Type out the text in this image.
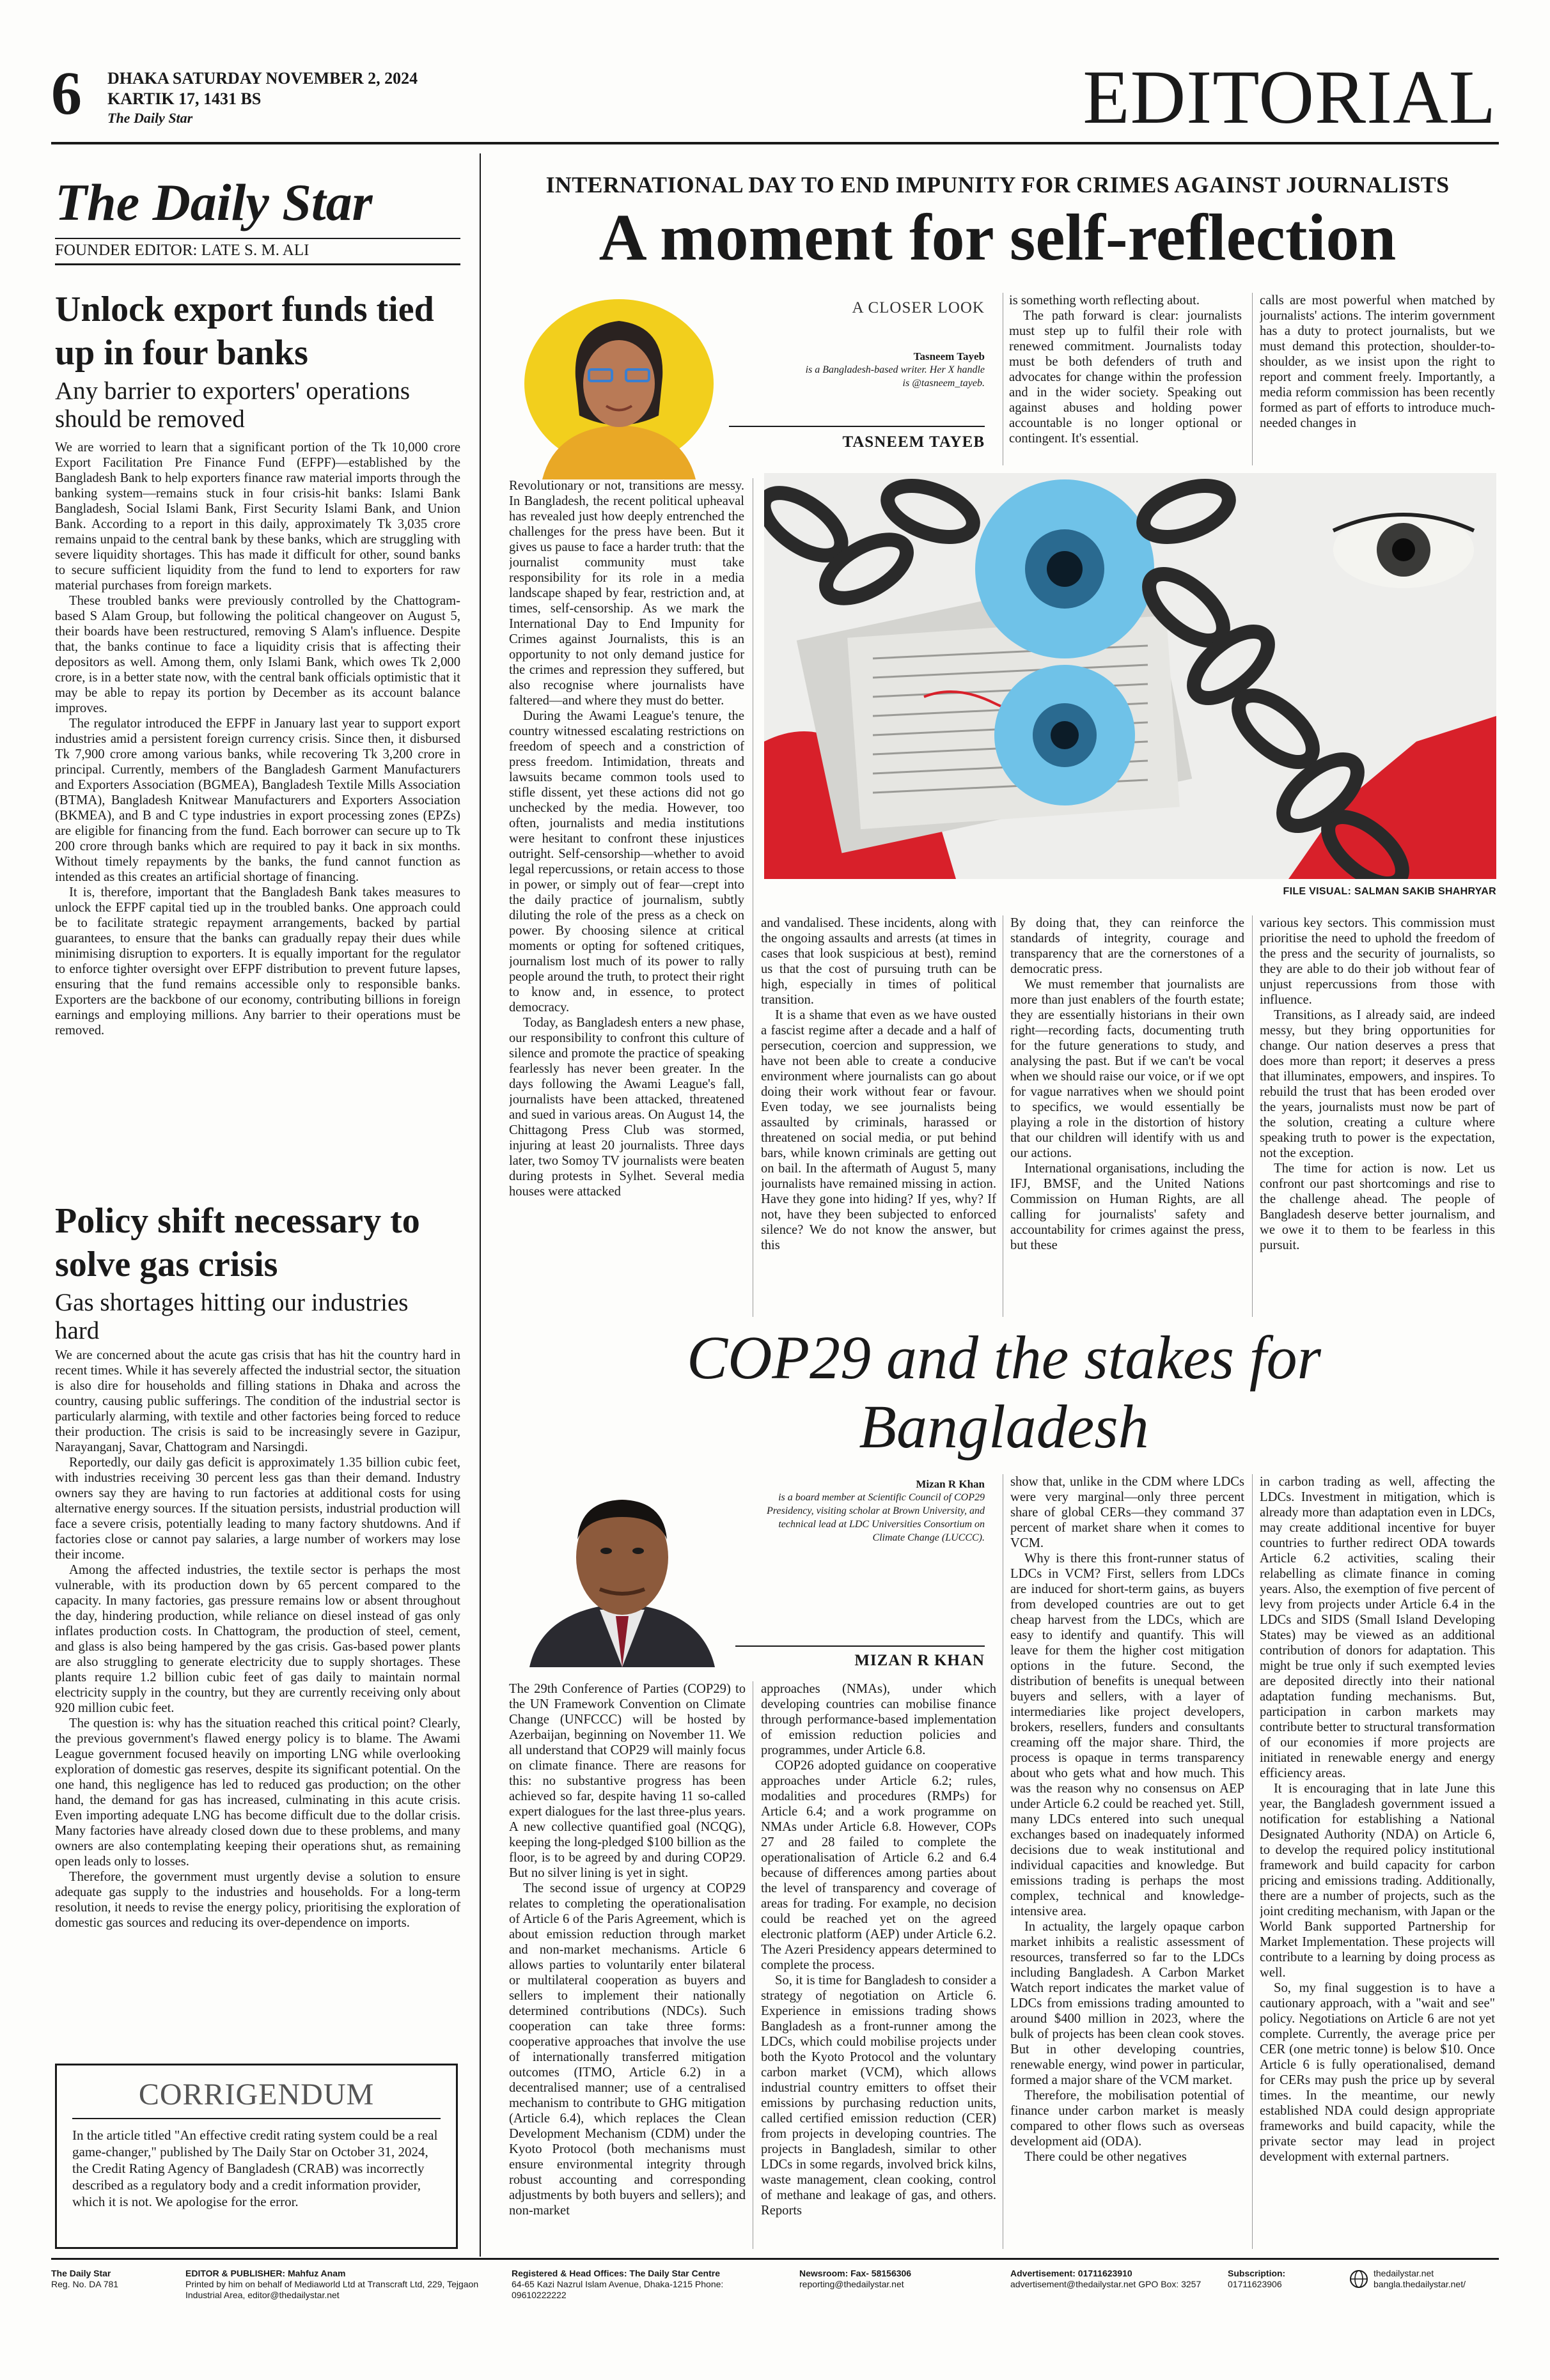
6 DHAKA SATURDAY NOVEMBER 2, 2024
KARTIK 17, 1431 BS
The Daily Star	EDITORIAL
The Daily Star
FOUNDER EDITOR: LATE S. M. ALI
Unlock export funds tied up in four banks
Any barrier to exporters' operations should be removed

We are worried to learn that a significant portion of the Tk 10,000 crore Export Facilitation Pre Finance Fund (EFPF)—established by the Bangladesh Bank to help exporters finance raw material imports through the banking system—remains stuck in four crisis-hit banks: Islami Bank Bangladesh, Social Islami Bank, First Security Islami Bank, and Union Bank. According to a report in this daily, approximately Tk 3,035 crore remains unpaid to the central bank by these banks, which are struggling with severe liquidity shortages. This has made it difficult for other, sound banks to secure sufficient liquidity from the fund to lend to exporters for raw material purchases from foreign markets.

These troubled banks were previously controlled by the Chattogram-based S Alam Group, but following the political changeover on August 5, their boards have been restructured, removing S Alam's influence. Despite that, the banks continue to face a liquidity crisis that is affecting their depositors as well. Among them, only Islami Bank, which owes Tk 2,000 crore, is in a better state now, with the central bank officials optimistic that it may be able to repay its portion by December as its account balance improves.

The regulator introduced the EFPF in January last year to support export industries amid a persistent foreign currency crisis. Since then, it disbursed Tk 7,900 crore among various banks, while recovering Tk 3,200 crore in principal. Currently, members of the Bangladesh Garment Manufacturers and Exporters Association (BGMEA), Bangladesh Textile Mills Association (BTMA), Bangladesh Knitwear Manufacturers and Exporters Association (BKMEA), and B and C type industries in export processing zones (EPZs) are eligible for financing from the fund. Each borrower can secure up to Tk 200 crore through banks which are required to pay it back in six months. Without timely repayments by the banks, the fund cannot function as intended as this creates an artificial shortage of financing.

It is, therefore, important that the Bangladesh Bank takes measures to unlock the EFPF capital tied up in the troubled banks. One approach could be to facilitate strategic repayment arrangements, backed by partial guarantees, to ensure that the banks can gradually repay their dues while minimising disruption to exporters. It is equally important for the regulator to enforce tighter oversight over EFPF distribution to prevent future lapses, ensuring that the fund remains accessible only to responsible banks. Exporters are the backbone of our economy, contributing billions in foreign earnings and employing millions. Any barrier to their operations must be removed.

Policy shift necessary to solve gas crisis
Gas shortages hitting our industries hard

We are concerned about the acute gas crisis that has hit the country hard in recent times. While it has severely affected the industrial sector, the situation is also dire for households and filling stations in Dhaka and across the country, causing public sufferings. The condition of the industrial sector is particularly alarming, with textile and other factories being forced to reduce their production. The crisis is said to be increasingly severe in Gazipur, Narayanganj, Savar, Chattogram and Narsingdi.

Reportedly, our daily gas deficit is approximately 1.35 billion cubic feet, with industries receiving 30 percent less gas than their demand. Industry owners say they are having to run factories at additional costs for using alternative energy sources. If the situation persists, industrial production will face a severe crisis, potentially leading to many factory shutdowns. And if factories close or cannot pay salaries, a large number of workers may lose their income.

Among the affected industries, the textile sector is perhaps the most vulnerable, with its production down by 65 percent compared to the capacity. In many factories, gas pressure remains low or absent throughout the day, hindering production, while reliance on diesel instead of gas only inflates production costs. In Chattogram, the production of steel, cement, and glass is also being hampered by the gas crisis. Gas-based power plants are also struggling to generate electricity due to supply shortages. These plants require 1.2 billion cubic feet of gas daily to maintain normal electricity supply in the country, but they are currently receiving only about 920 million cubic feet.

The question is: why has the situation reached this critical point? Clearly, the previous government's flawed energy policy is to blame. The Awami League government focused heavily on importing LNG while overlooking exploration of domestic gas reserves, despite its significant potential. On the one hand, this negligence has led to reduced gas production; on the other hand, the demand for gas has increased, culminating in this acute crisis. Even importing adequate LNG has become difficult due to the dollar crisis. Many factories have already closed down due to these problems, and many owners are also contemplating keeping their operations shut, as remaining open leads only to losses.

Therefore, the government must urgently devise a solution to ensure adequate gas supply to the industries and households. For a long-term resolution, it needs to revise the energy policy, prioritising the exploration of domestic gas sources and reducing its over-dependence on imports.

CORRIGENDUM
In the article titled "An effective credit rating system could be a real game-changer," published by The Daily Star on October 31, 2024, the Credit Rating Agency of Bangladesh (CRAB) was incorrectly described as a regulatory body and a credit information provider, which it is not. We apologise for the error.
INTERNATIONAL DAY TO END IMPUNITY FOR CRIMES AGAINST JOURNALISTS
A moment for self-reflection
A CLOSER LOOK
Tasneem Tayeb
is a Bangladesh-based writer. Her X handle is @tasneem_tayeb.
TASNEEM TAYEB

is something worth reflecting about.

The path forward is clear: journalists must step up to fulfil their role with renewed commitment. Journalists today must be both defenders of truth and advocates for change within the profession and in the wider society. Speaking out against abuses and holding power accountable is no longer optional or contingent. It's essential.

calls are most powerful when matched by journalists' actions. The interim government has a duty to protect journalists, but we must demand this protection, shoulder-to-shoulder, as we insist upon the right to report and comment freely. Importantly, a media reform commission has been recently formed as part of efforts to introduce much-needed changes in

FILE VISUAL: SALMAN SAKIB SHAHRYAR

Revolutionary or not, transitions are messy. In Bangladesh, the recent political upheaval has revealed just how deeply entrenched the challenges for the press have been. But it gives us pause to face a harder truth: that the journalist community must take responsibility for its role in a media landscape shaped by fear, restriction and, at times, self-censorship. As we mark the International Day to End Impunity for Crimes against Journalists, this is an opportunity to not only demand justice for the crimes and repression they suffered, but also recognise where journalists have faltered—and where they must do better.

During the Awami League's tenure, the country witnessed escalating restrictions on freedom of speech and a constriction of press freedom. Intimidation, threats and lawsuits became common tools used to stifle dissent, yet these actions did not go unchecked by the media. However, too often, journalists and media institutions were hesitant to confront these injustices outright. Self-censorship—whether to avoid legal repercussions, or retain access to those in power, or simply out of fear—crept into the daily practice of journalism, subtly diluting the role of the press as a check on power. By choosing silence at critical moments or opting for softened critiques, journalism lost much of its power to rally people around the truth, to protect their right to know and, in essence, to protect democracy.

Today, as Bangladesh enters a new phase, our responsibility to confront this culture of silence and promote the practice of speaking fearlessly has never been greater. In the days following the Awami League's fall, journalists have been attacked, threatened and sued in various areas. On August 14, the Chittagong Press Club was stormed, injuring at least 20 journalists. Three days later, two Somoy TV journalists were beaten during protests in Sylhet. Several media houses were attacked

and vandalised. These incidents, along with the ongoing assaults and arrests (at times in cases that look suspicious at best), remind us that the cost of pursuing truth can be high, especially in times of political transition.

It is a shame that even as we have ousted a fascist regime after a decade and a half of persecution, coercion and suppression, we have not been able to create a conducive environment where journalists can go about doing their work without fear or favour. Even today, we see journalists being assaulted by criminals, harassed or threatened on social media, or put behind bars, while known criminals are getting out on bail. In the aftermath of August 5, many journalists have remained missing in action. Have they gone into hiding? If yes, why? If not, have they been subjected to enforced silence? We do not know the answer, but this

By doing that, they can reinforce the standards of integrity, courage and transparency that are the cornerstones of a democratic press.

We must remember that journalists are more than just enablers of the fourth estate; they are essentially historians in their own right—recording facts, documenting truth for the future generations to study, and analysing the past. But if we can't be vocal when we should raise our voice, or if we opt for vague narratives when we should point to specifics, we would essentially be playing a role in the distortion of history that our children will identify with us and our actions.

International organisations, including the IFJ, BMSF, and the United Nations Commission on Human Rights, are all calling for journalists' safety and accountability for crimes against the press, but these

various key sectors. This commission must prioritise the need to uphold the freedom of the press and the security of journalists, so they are able to do their job without fear of unjust repercussions from those with influence.

Transitions, as I already said, are indeed messy, but they bring opportunities for change. Our nation deserves a press that does more than report; it deserves a press that illuminates, empowers, and inspires. To rebuild the trust that has been eroded over the years, journalists must now be part of the solution, creating a culture where speaking truth to power is the expectation, not the exception.

The time for action is now. Let us confront our past shortcomings and rise to the challenge ahead. The people of Bangladesh deserve better journalism, and we owe it to them to be fearless in this pursuit.

COP29 and the stakes for Bangladesh
Mizan R Khan
is a board member at Scientific Council of COP29 Presidency, visiting scholar at Brown University, and technical lead at LDC Universities Consortium on Climate Change (LUCCC).
MIZAN R KHAN

The 29th Conference of Parties (COP29) to the UN Framework Convention on Climate Change (UNFCCC) will be hosted by Azerbaijan, beginning on November 11. We all understand that COP29 will mainly focus on climate finance. There are reasons for this: no substantive progress has been achieved so far, despite having 11 so-called expert dialogues for the last three-plus years. A new collective quantified goal (NCQG), keeping the long-pledged $100 billion as the floor, is to be agreed by and during COP29. But no silver lining is yet in sight.

The second issue of urgency at COP29 relates to completing the operationalisation of Article 6 of the Paris Agreement, which is about emission reduction through market and non-market mechanisms. Article 6 allows parties to voluntarily enter bilateral or multilateral cooperation as buyers and sellers to implement their nationally determined contributions (NDCs). Such cooperation can take three forms: cooperative approaches that involve the use of internationally transferred mitigation outcomes (ITMO, Article 6.2) in a decentralised manner; use of a centralised mechanism to contribute to GHG mitigation (Article 6.4), which replaces the Clean Development Mechanism (CDM) under the Kyoto Protocol (both mechanisms must ensure environmental integrity through robust accounting and corresponding adjustments by both buyers and sellers); and non-market

approaches (NMAs), under which developing countries can mobilise finance through performance-based implementation of emission reduction policies and programmes, under Article 6.8.

COP26 adopted guidance on cooperative approaches under Article 6.2; rules, modalities and procedures (RMPs) for Article 6.4; and a work programme on NMAs under Article 6.8. However, COPs 27 and 28 failed to complete the operationalisation of Article 6.2 and 6.4 because of differences among parties about the level of transparency and coverage of areas for trading. For example, no decision could be reached yet on the agreed electronic platform (AEP) under Article 6.2. The Azeri Presidency appears determined to complete the process.

So, it is time for Bangladesh to consider a strategy of negotiation on Article 6. Experience in emissions trading shows Bangladesh as a front-runner among the LDCs, which could mobilise projects under both the Kyoto Protocol and the voluntary carbon market (VCM), which allows industrial country emitters to offset their emissions by purchasing reduction units, called certified emission reduction (CER) from projects in developing countries. The projects in Bangladesh, similar to other LDCs in some regards, involved brick kilns, waste management, clean cooking, control of methane and leakage of gas, and others. Reports

show that, unlike in the CDM where LDCs were very marginal—only three percent share of global CERs—they command 37 percent of market share when it comes to VCM.

Why is there this front-runner status of LDCs in VCM? First, sellers from LDCs are induced for short-term gains, as buyers from developed countries are out to get cheap harvest from the LDCs, which are easy to identify and quantify. This will leave for them the higher cost mitigation options in the future. Second, the distribution of benefits is unequal between buyers and sellers, with a layer of intermediaries like project developers, brokers, resellers, funders and consultants creaming off the major share. Third, the process is opaque in terms transparency about who gets what and how much. This was the reason why no consensus on AEP under Article 6.2 could be reached yet. Still, many LDCs entered into such unequal exchanges based on inadequately informed decisions due to weak institutional and individual capacities and knowledge. But emissions trading is perhaps the most complex, technical and knowledge-intensive area.

In actuality, the largely opaque carbon market inhibits a realistic assessment of resources, transferred so far to the LDCs including Bangladesh. A Carbon Market Watch report indicates the market value of LDCs from emissions trading amounted to around $400 million in 2023, where the bulk of projects has been clean cook stoves. But in other developing countries, renewable energy, wind power in particular, formed a major share of the VCM market.

Therefore, the mobilisation potential of finance under carbon market is measly compared to other flows such as overseas development aid (ODA).

There could be other negatives

in carbon trading as well, affecting the LDCs. Investment in mitigation, which is already more than adaptation even in LDCs, may create additional incentive for buyer countries to further redirect ODA towards Article 6.2 activities, scaling their relabelling as climate finance in coming years. Also, the exemption of five percent of levy from projects under Article 6.4 in the LDCs and SIDS (Small Island Developing States) may be viewed as an additional contribution of donors for adaptation. This might be true only if such exempted levies are deposited directly into their national adaptation funding mechanisms. But, participation in carbon markets may contribute better to structural transformation of our economies if more projects are initiated in renewable energy and energy efficiency areas.

It is encouraging that in late June this year, the Bangladesh government issued a notification for establishing a National Designated Authority (NDA) on Article 6, to develop the required policy institutional framework and build capacity for carbon pricing and emissions trading. Additionally, there are a number of projects, such as the joint crediting mechanism, with Japan or the World Bank supported Partnership for Market Implementation. These projects will contribute to a learning by doing process as well.

So, my final suggestion is to have a cautionary approach, with a "wait and see" policy. Negotiations on Article 6 are not yet complete. Currently, the average price per CER (one metric tonne) is below $10. Once Article 6 is fully operationalised, demand for CERs may push the price up by several times. In the meantime, our newly established NDA could design appropriate frameworks and build capacity, while the private sector may lead in project development with external partners.

The Daily Star
Reg. No. DA 781
EDITOR & PUBLISHER: Mahfuz Anam
Printed by him on behalf of Mediaworld Ltd at Transcraft Ltd, 229, Tejgaon Industrial Area, editor@thedailystar.net
Registered & Head Offices: The Daily Star Centre
64-65 Kazi Nazrul Islam Avenue, Dhaka-1215 Phone: 09610222222
Newsroom: Fax- 58156306
reporting@thedailystar.net
Advertisement: 01711623910
advertisement@thedailystar.net GPO Box: 3257
Subscription:
01711623906
thedailystar.net bangla.thedailystar.net/
